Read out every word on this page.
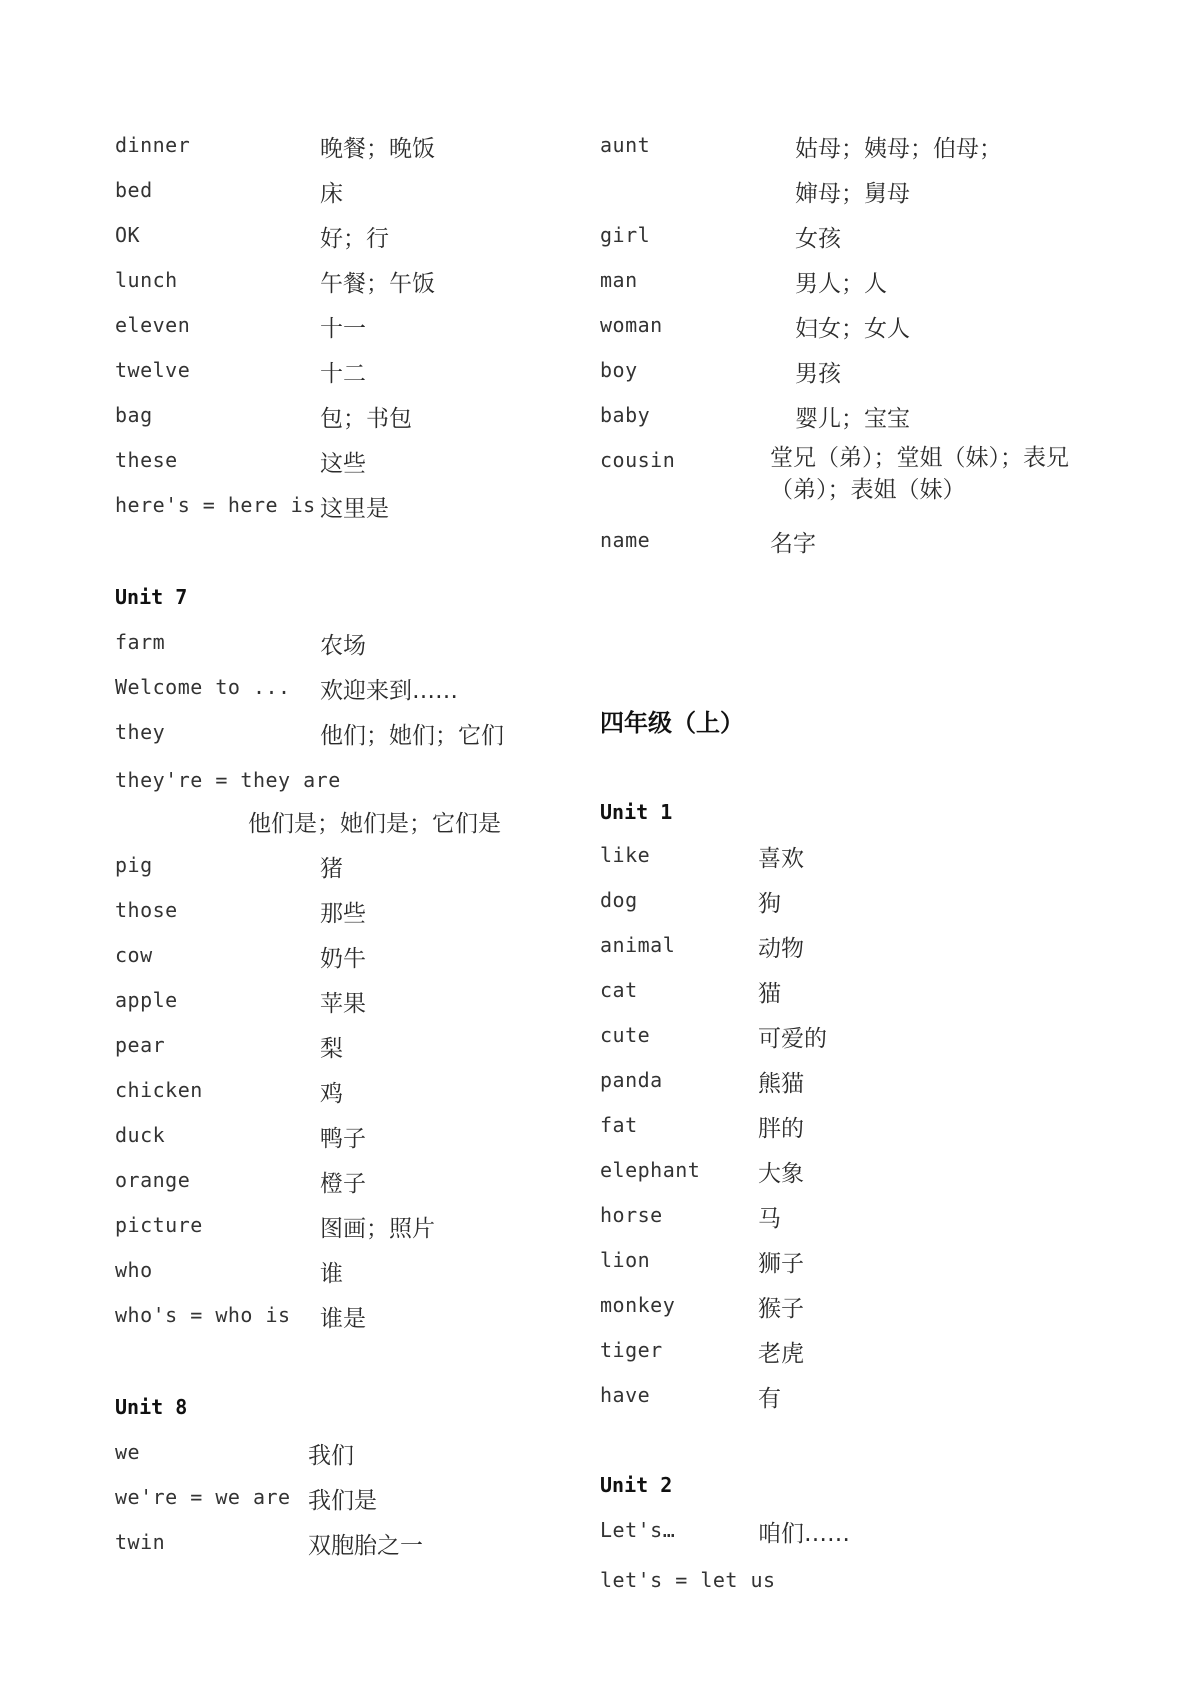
dinner	晚餐；晚饭
bed	床
OK	好；行
lunch	午餐；午饭
eleven	十一
twelve	十二
bag	包；书包
these	这些
here's = here is 这里是
Unit 7
farm	农场
Welcome to ... 欢迎来到……
they	他们；她们；它们
they're = they are
他们是；她们是；它们是
pig	猪
those	那些
cow	奶牛
apple	苹果
pear	梨
chicken	鸡
duck	鸭子
orange	橙子
picture	图画；照片
who	谁
who's = who is 谁是
Unit 8
we	我们
we're = we are 我们是
twin	双胞胎之一
aunt	姑母；姨母；伯母；
婶母；舅母
girl	女孩
man	男人；人
woman	妇女；女人
boy	男孩
baby	婴儿；宝宝
cousin	堂兄（弟）；堂姐（妹）；表兄（弟）；表姐（妹）
name	名字
四年级（上）
Unit 1
like	喜欢
dog	狗
animal	动物
cat	猫
cute	可爱的
panda	熊猫
fat	胖的
elephant	大象
horse	马
lion	狮子
monkey	猴子
tiger	老虎
have	有
Unit 2
Let's…	咱们……
let's = let us
